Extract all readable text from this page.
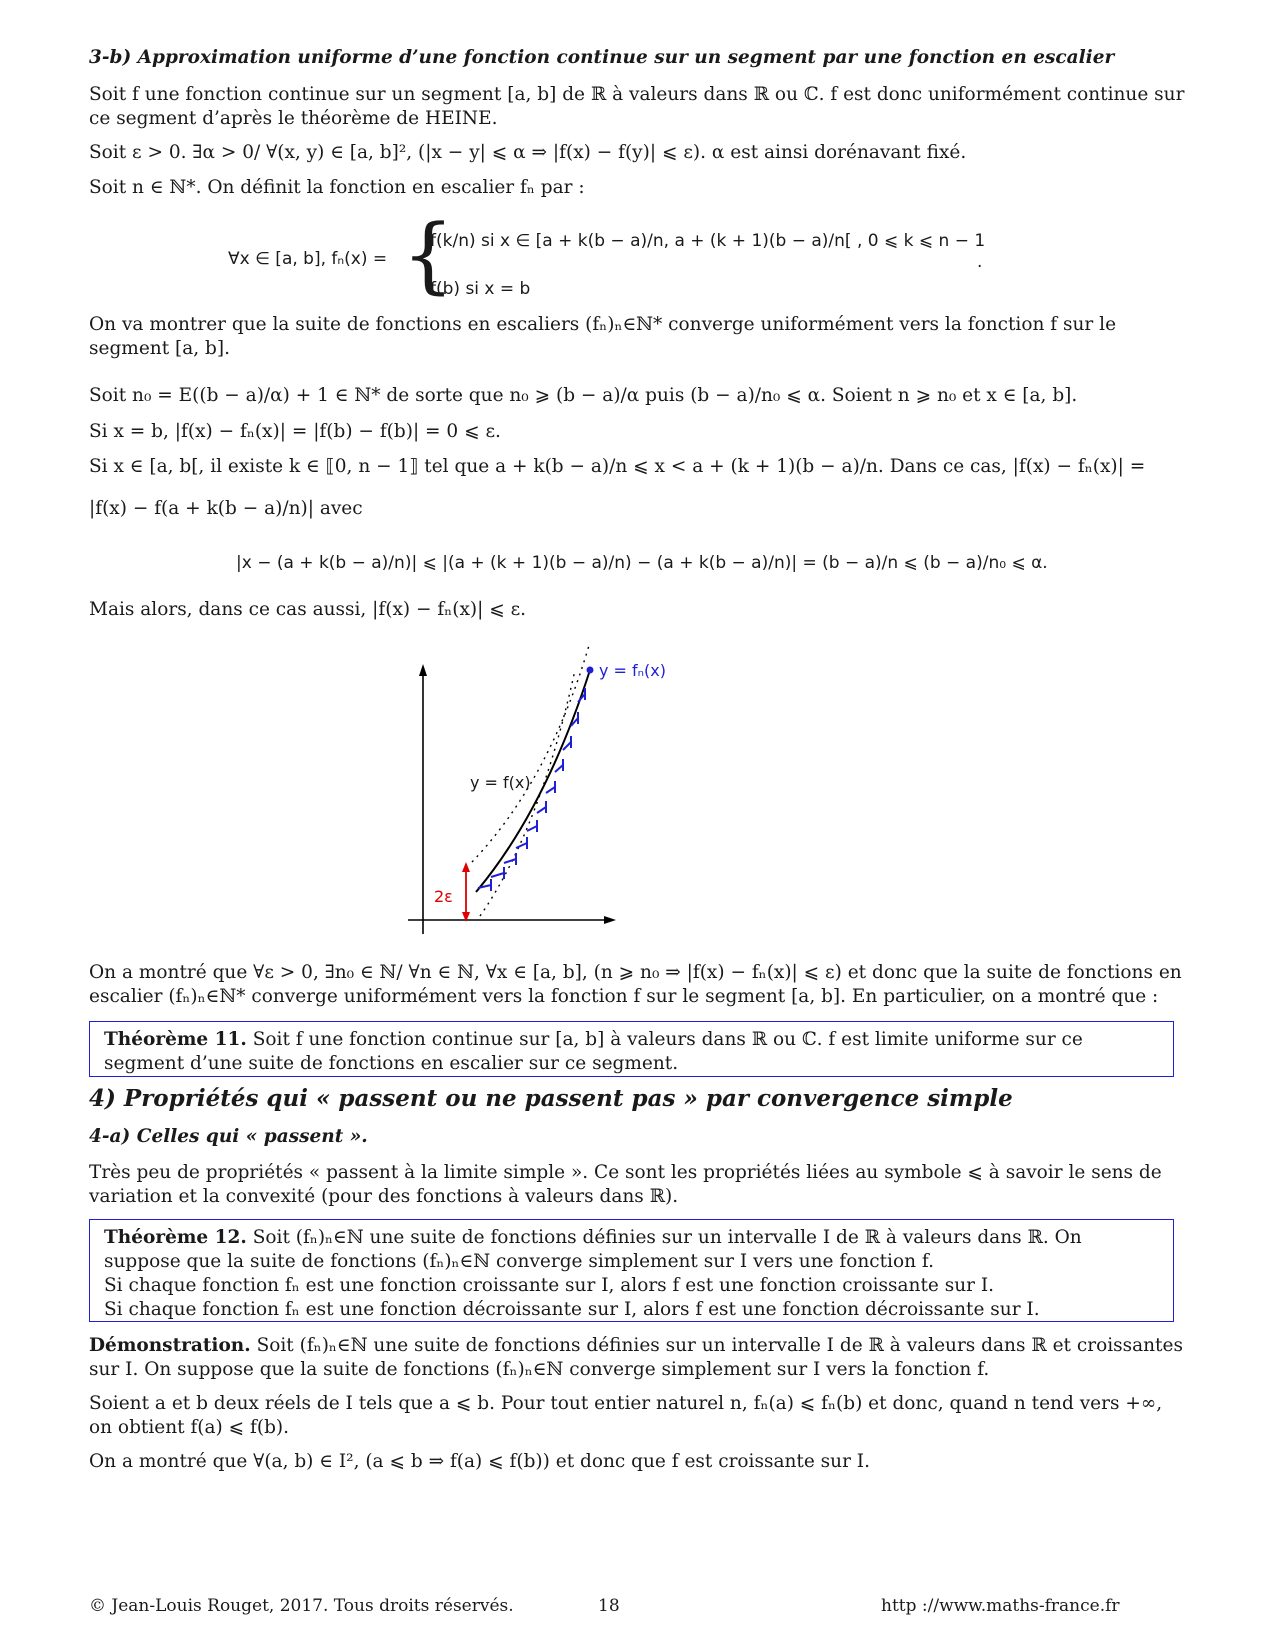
3-b) Approximation uniforme d’une fonction continue sur un segment par une fonction en escalier

Soit f une fonction continue sur un segment [a, b] de ℝ à valeurs dans ℝ ou ℂ. f est donc uniformément continue sur ce segment d’après le théorème de HEINE.

Soit ε > 0. ∃α > 0/ ∀(x, y) ∈ [a, b]², (|x − y| ⩽ α ⇒ |f(x) − f(y)| ⩽ ε). α est ainsi dorénavant fixé.

Soit n ∈ ℕ*. On définit la fonction en escalier fₙ par :

∀x ∈ [a, b], fₙ(x) = {
f(k/n) si x ∈ [a + k(b − a)/n, a + (k + 1)(b − a)/n[ , 0 ⩽ k ⩽ n − 1
f(b) si x = b
.

On va montrer que la suite de fonctions en escaliers (fₙ)ₙ∈ℕ* converge uniformément vers la fonction f sur le segment [a, b].

Soit n₀ = E((b − a)/α) + 1 ∈ ℕ* de sorte que n₀ ⩾ (b − a)/α puis (b − a)/n₀ ⩽ α. Soient n ⩾ n₀ et x ∈ [a, b].

Si x = b, |f(x) − fₙ(x)| = |f(b) − f(b)| = 0 ⩽ ε.

Si x ∈ [a, b[, il existe k ∈ ⟦0, n − 1⟧ tel que a + k(b − a)/n ⩽ x < a + (k + 1)(b − a)/n. Dans ce cas, |f(x) − fₙ(x)| =

|f(x) − f(a + k(b − a)/n)| avec

|x − (a + k(b − a)/n)| ⩽ |(a + (k + 1)(b − a)/n) − (a + k(b − a)/n)| = (b − a)/n ⩽ (b − a)/n₀ ⩽ α.

Mais alors, dans ce cas aussi, |f(x) − fₙ(x)| ⩽ ε.

2ε
y = f(x)
y = fₙ(x)

On a montré que ∀ε > 0, ∃n₀ ∈ ℕ/ ∀n ∈ ℕ, ∀x ∈ [a, b], (n ⩾ n₀ ⇒ |f(x) − fₙ(x)| ⩽ ε) et donc que la suite de fonctions en escalier (fₙ)ₙ∈ℕ* converge uniformément vers la fonction f sur le segment [a, b]. En particulier, on a montré que :

Théorème 11. Soit f une fonction continue sur [a, b] à valeurs dans ℝ ou ℂ. f est limite uniforme sur ce segment d’une suite de fonctions en escalier sur ce segment.

4) Propriétés qui « passent ou ne passent pas » par convergence simple

4-a) Celles qui « passent ».

Très peu de propriétés « passent à la limite simple ». Ce sont les propriétés liées au symbole ⩽ à savoir le sens de variation et la convexité (pour des fonctions à valeurs dans ℝ).

Théorème 12. Soit (fₙ)ₙ∈ℕ une suite de fonctions définies sur un intervalle I de ℝ à valeurs dans ℝ. On suppose que la suite de fonctions (fₙ)ₙ∈ℕ converge simplement sur I vers une fonction f.

Si chaque fonction fₙ est une fonction croissante sur I, alors f est une fonction croissante sur I.

Si chaque fonction fₙ est une fonction décroissante sur I, alors f est une fonction décroissante sur I.

Démonstration. Soit (fₙ)ₙ∈ℕ une suite de fonctions définies sur un intervalle I de ℝ à valeurs dans ℝ et croissantes sur I. On suppose que la suite de fonctions (fₙ)ₙ∈ℕ converge simplement sur I vers la fonction f.

Soient a et b deux réels de I tels que a ⩽ b. Pour tout entier naturel n, fₙ(a) ⩽ fₙ(b) et donc, quand n tend vers +∞, on obtient f(a) ⩽ f(b).

On a montré que ∀(a, b) ∈ I², (a ⩽ b ⇒ f(a) ⩽ f(b)) et donc que f est croissante sur I.

© Jean-Louis Rouget, 2017. Tous droits réservés.	18	http ://www.maths-france.fr
